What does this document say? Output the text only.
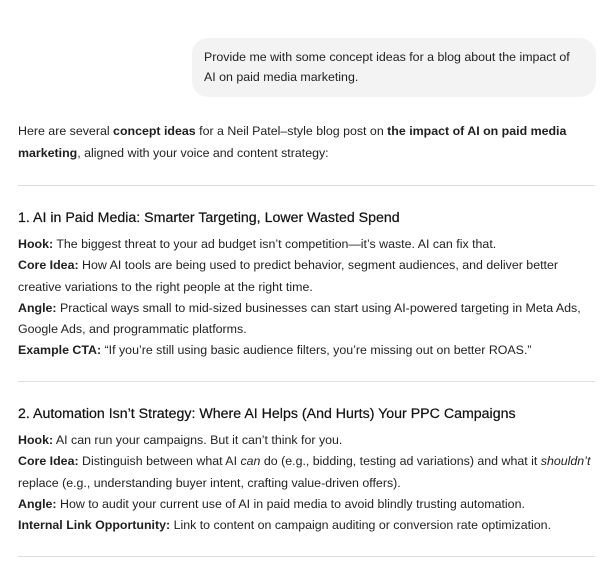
Provide me with some concept ideas for a blog about the impact of AI on paid media marketing.

Here are several concept ideas for a Neil Patel–style blog post on the impact of AI on paid media marketing, aligned with your voice and content strategy:

1. AI in Paid Media: Smarter Targeting, Lower Wasted Spend
Hook: The biggest threat to your ad budget isn’t competition—it’s waste. AI can fix that.
Core Idea: How AI tools are being used to predict behavior, segment audiences, and deliver better creative variations to the right people at the right time.
Angle: Practical ways small to mid-sized businesses can start using AI-powered targeting in Meta Ads, Google Ads, and programmatic platforms.
Example CTA: “If you’re still using basic audience filters, you’re missing out on better ROAS.”
2. Automation Isn’t Strategy: Where AI Helps (And Hurts) Your PPC Campaigns
Hook: AI can run your campaigns. But it can’t think for you.
Core Idea: Distinguish between what AI can do (e.g., bidding, testing ad variations) and what it shouldn’t replace (e.g., understanding buyer intent, crafting value-driven offers).
Angle: How to audit your current use of AI in paid media to avoid blindly trusting automation.
Internal Link Opportunity: Link to content on campaign auditing or conversion rate optimization.
